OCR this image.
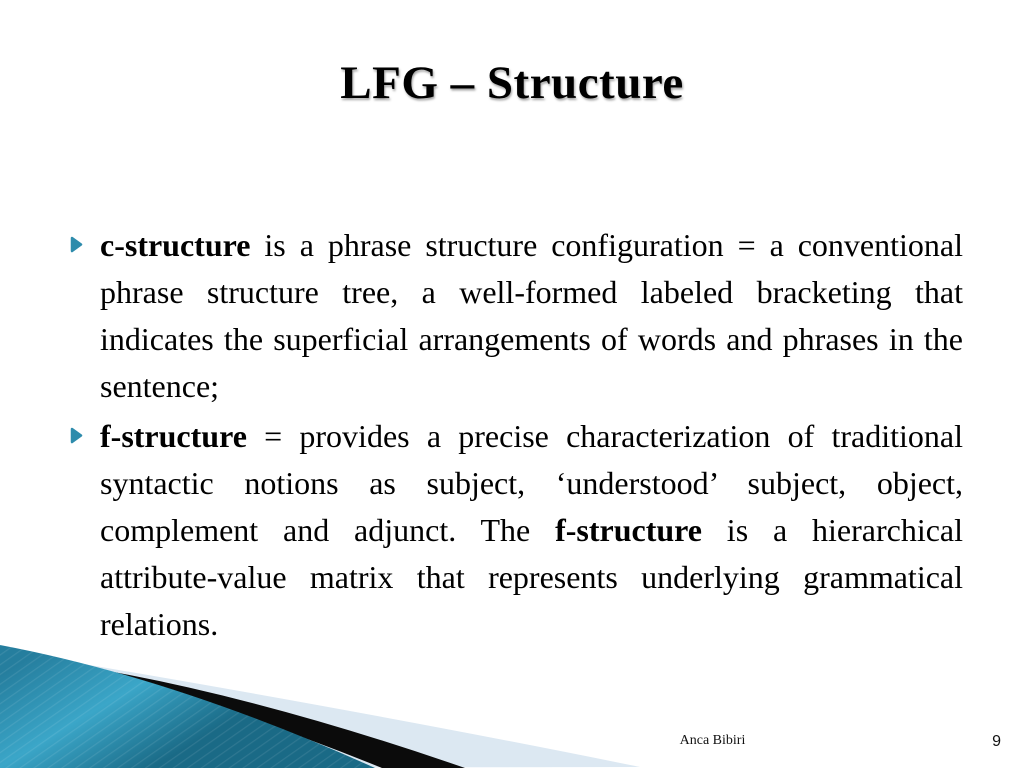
LFG – Structure

c-structure is a phrase structure configuration = a conventional phrase structure tree, a well-formed labeled bracketing that indicates the superficial arrangements of words and phrases in the sentence;

f-structure = provides a precise characterization of traditional syntactic notions as subject, ‘understood’ subject, object, complement and adjunct. The f-structure is a hierarchical attribute-value matrix that represents underlying grammatical relations.

Anca Bibiri	9
